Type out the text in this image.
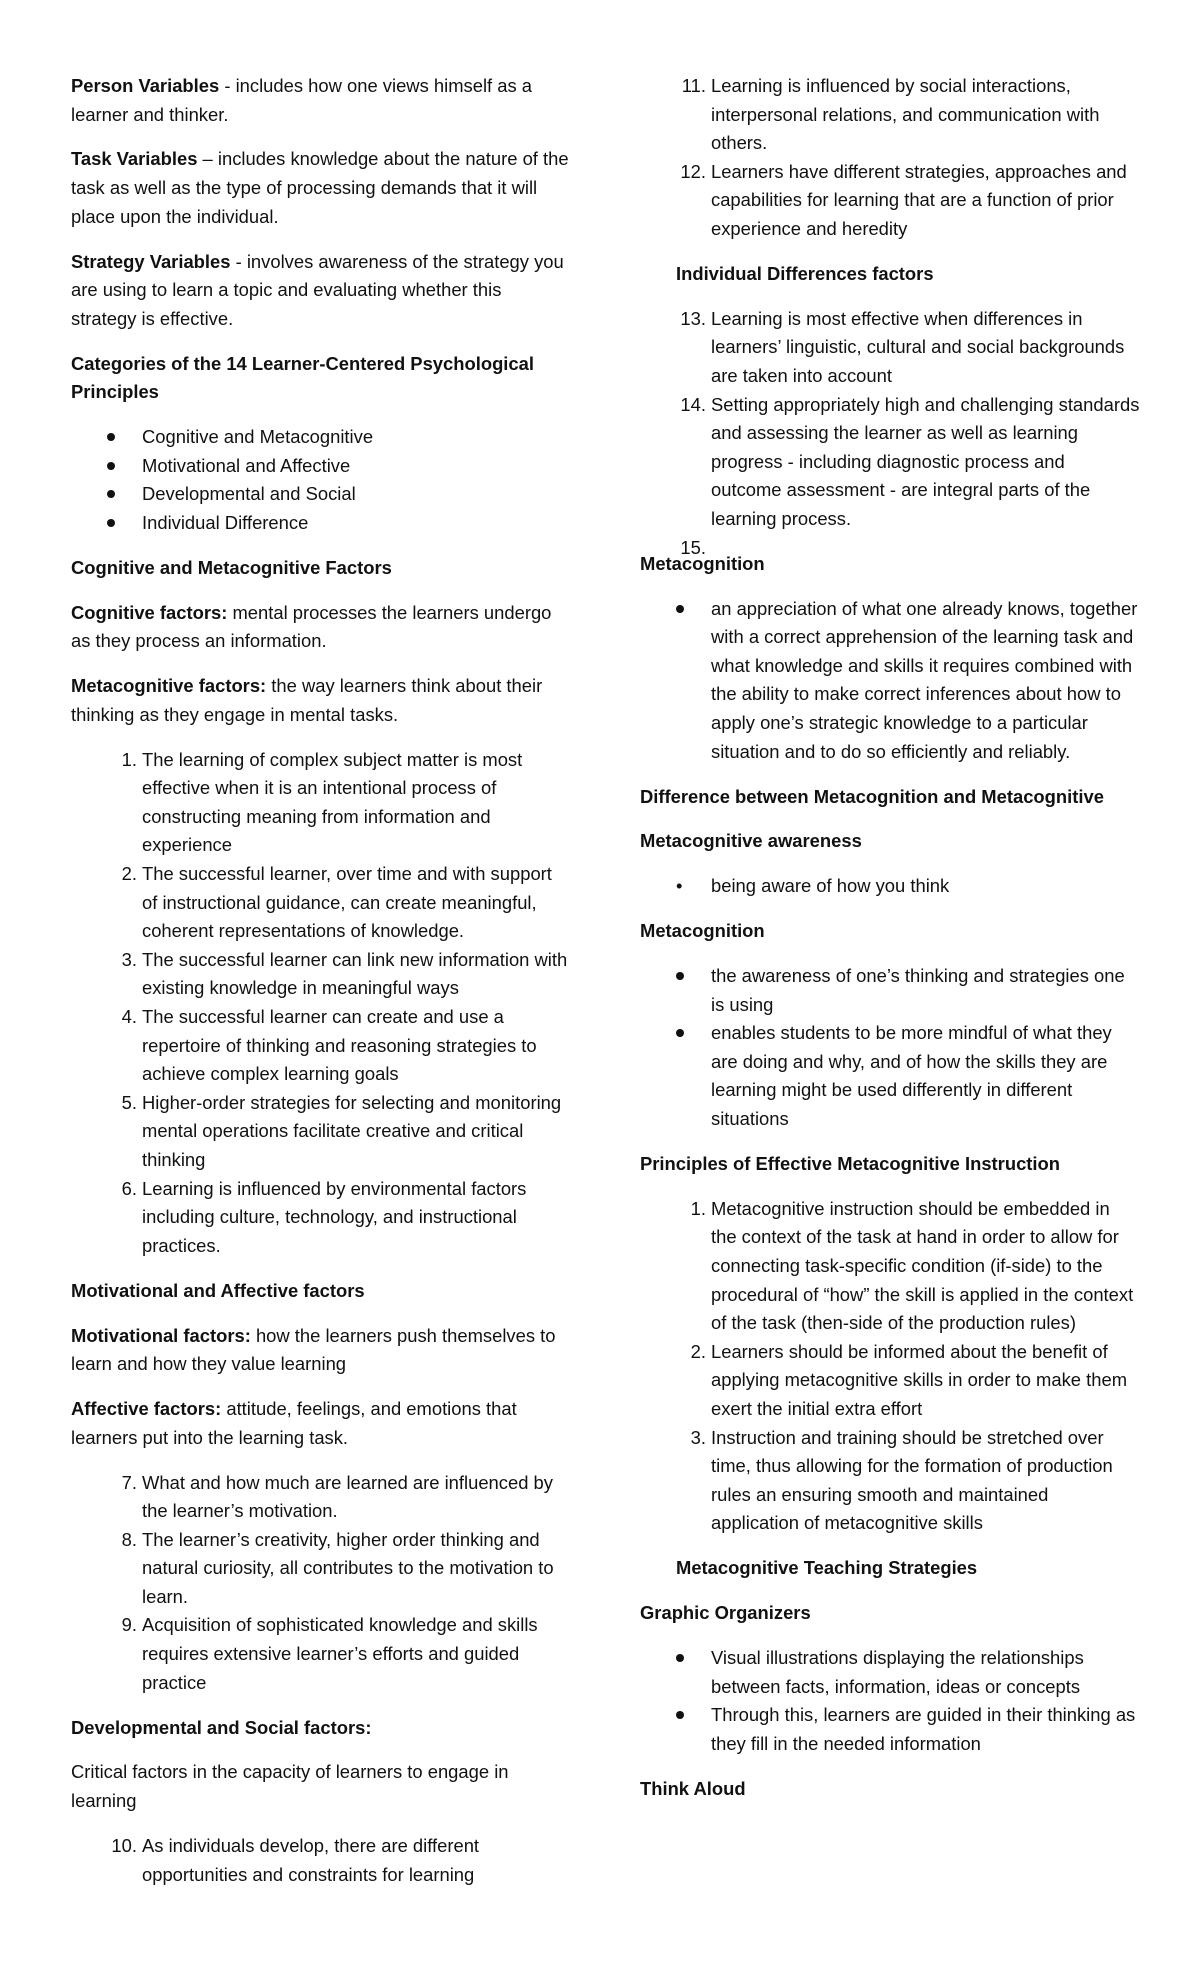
Person Variables - includes how one views himself as a learner and thinker.

Task Variables – includes knowledge about the nature of the task as well as the type of processing demands that it will place upon the individual.

Strategy Variables - involves awareness of the strategy you are using to learn a topic and evaluating whether this strategy is effective.

Categories of the 14 Learner-Centered Psychological Principles

Cognitive and Metacognitive
Motivational and Affective
Developmental and Social
Individual Difference

Cognitive and Metacognitive Factors

Cognitive factors: mental processes the learners undergo as they process an information.

Metacognitive factors: the way learners think about their thinking as they engage in mental tasks.

1. The learning of complex subject matter is most effective when it is an intentional process of constructing meaning from information and experience
2. The successful learner, over time and with support of instructional guidance, can create meaningful, coherent representations of knowledge.
3. The successful learner can link new information with existing knowledge in meaningful ways
4. The successful learner can create and use a repertoire of thinking and reasoning strategies to achieve complex learning goals
5. Higher-order strategies for selecting and monitoring mental operations facilitate creative and critical thinking
6. Learning is influenced by environmental factors including culture, technology, and instructional practices.

Motivational and Affective factors

Motivational factors: how the learners push themselves to learn and how they value learning

Affective factors: attitude, feelings, and emotions that learners put into the learning task.

7. What and how much are learned are influenced by the learner’s motivation.
8. The learner’s creativity, higher order thinking and natural curiosity, all contributes to the motivation to learn.
9. Acquisition of sophisticated knowledge and skills requires extensive learner’s efforts and guided practice

Developmental and Social factors:

Critical factors in the capacity of learners to engage in learning

10. As individuals develop, there are different opportunities and constraints for learning
11. Learning is influenced by social interactions, interpersonal relations, and communication with others.
12. Learners have different strategies, approaches and capabilities for learning that are a function of prior experience and heredity

Individual Differences factors

13. Learning is most effective when differences in learners’ linguistic, cultural and social backgrounds are taken into account
14. Setting appropriately high and challenging standards and assessing the learner as well as learning progress - including diagnostic process and outcome assessment - are integral parts of the learning process.
15.

Metacognition

an appreciation of what one already knows, together with a correct apprehension of the learning task and what knowledge and skills it requires combined with the ability to make correct inferences about how to apply one’s strategic knowledge to a particular situation and to do so efficiently and reliably.

Difference between Metacognition and Metacognitive

Metacognitive awareness

•	being aware of how you think

Metacognition

the awareness of one’s thinking and strategies one is using
enables students to be more mindful of what they are doing and why, and of how the skills they are learning might be used differently in different situations

Principles of Effective Metacognitive Instruction

1. Metacognitive instruction should be embedded in the context of the task at hand in order to allow for connecting task-specific condition (if-side) to the procedural of “how” the skill is applied in the context of the task (then-side of the production rules)
2. Learners should be informed about the benefit of applying metacognitive skills in order to make them exert the initial extra effort
3. Instruction and training should be stretched over time, thus allowing for the formation of production rules an ensuring smooth and maintained application of metacognitive skills

Metacognitive Teaching Strategies

Graphic Organizers

Visual illustrations displaying the relationships between facts, information, ideas or concepts
Through this, learners are guided in their thinking as they fill in the needed information

Think Aloud
